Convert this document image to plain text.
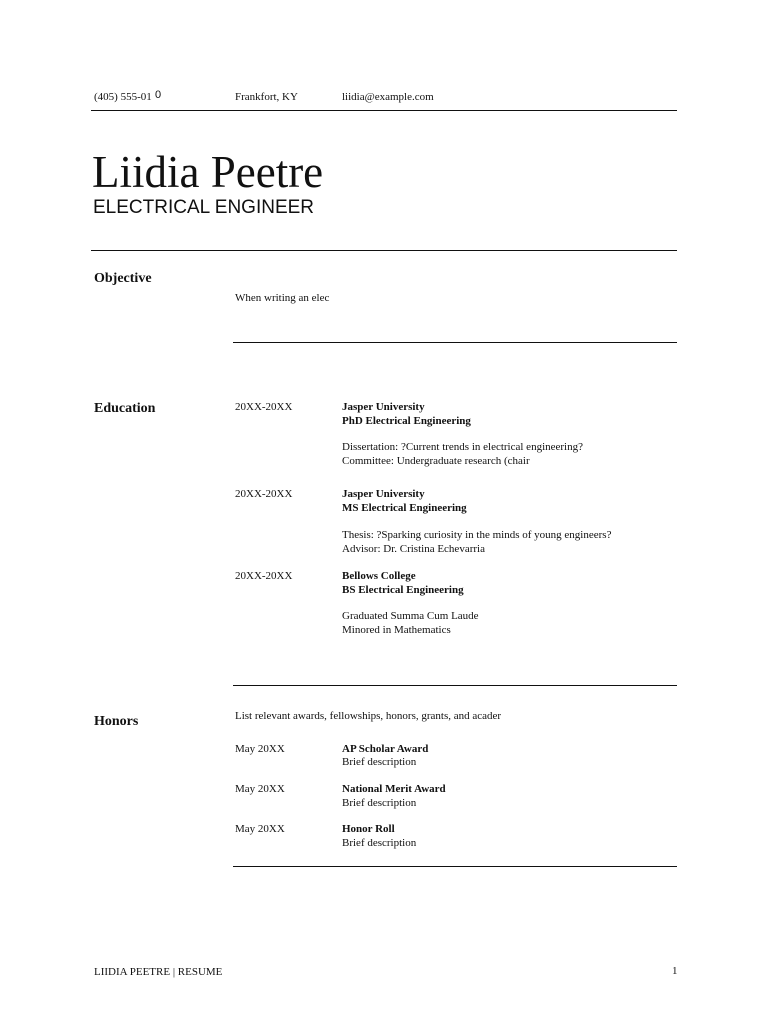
(405) 555-01 0	Frankfort, KY	liidia@example.com
Liidia Peetre
ELECTRICAL ENGINEER
Objective
When writing an elec
Education	20XX-20XX	Jasper University
PhD Electrical Engineering
Dissertation: ?Current trends in electrical engineering?
Committee: Undergraduate research (chair
20XX-20XX	Jasper University
MS Electrical Engineering
Thesis: ?Sparking curiosity in the minds of young engineers?
Advisor: Dr. Cristina Echevarria
20XX-20XX	Bellows College
BS Electrical Engineering
Graduated Summa Cum Laude
Minored in Mathematics
Honors	List relevant awards, fellowships, honors, grants, and acader
May 20XX	AP Scholar Award
Brief description
May 20XX	National Merit Award
Brief description
May 20XX	Honor Roll
Brief description
LIIDIA PEETRE | RESUME	1
